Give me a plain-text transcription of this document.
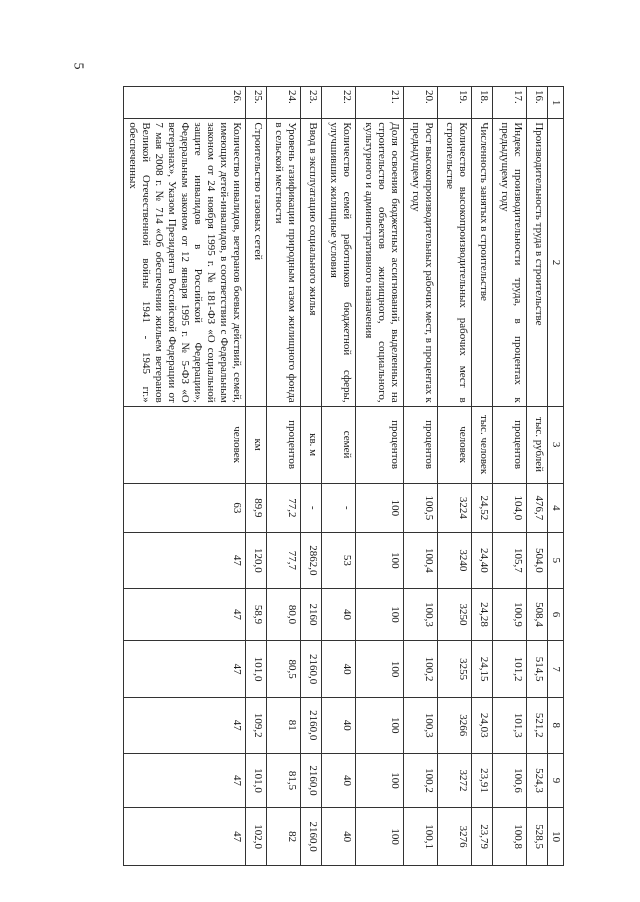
5
1	2	3	4	5	6	7	8	9	10
16.	Производительность труда в строительстве	тыс. рублей	476,7	504,0	508,4	514,5	521,2	524,3	528,5
17.	Индекс производительности труда, в процентах к предыдущему году	процентов	104,0	105,7	100,9	101,2	101,3	100,6	100,8
18.	Численность занятых в строительстве	тыс. человек	24,52	24,40	24,28	24,15	24,03	23,91	23,79
19.	Количество высокопроизводительных рабочих мест в строительстве	человек	3224	3240	3250	3255	3266	3272	3276
20.	Рост высокопроизводительных рабочих мест, в процентах к предыдущему году	процентов	100,5	100,4	100,3	100,2	100,3	100,2	100,1
21.	Доля освоения бюджетных ассигнований, выделенных на строительство объектов жилищного, социального, культурного и административного назначения	процентов	100	100	100	100	100	100	100
22.	Количество семей работников бюджетной сферы, улучшивших жилищные условия	семей	-	53	40	40	40	40	40
23.	Ввод в эксплуатацию социального жилья	кв. м	-	2862,0	2160	2160,0	2160,0	2160,0	2160,0
24.	Уровень газификации природным газом жилищного фонда в сельской местности	процентов	77,2	77,7	80,0	80,5	81	81,5	82
25.	Строительство газовых сетей	км	89,9	120,0	58,9	101,0	109,2	101,0	102,0
26.	Количество инвалидов, ветеранов боевых действий, семей, имеющих детей-инвалидов, в соответствии с Федеральным законом от 24 ноября 1995 г. № 181-ФЗ «О социальной защите инвалидов в Российской Федерации», Федеральным законом от 12 января 1995 г. № 5-ФЗ «О ветеранах», Указом Президента Российской Федерации от 7 мая 2008 г. № 714 «Об обеспечении жильем ветеранов Великой Отечественной войны 1941 - 1945 гг.» обеспеченных	человек	63	47	47	47	47	47	47
